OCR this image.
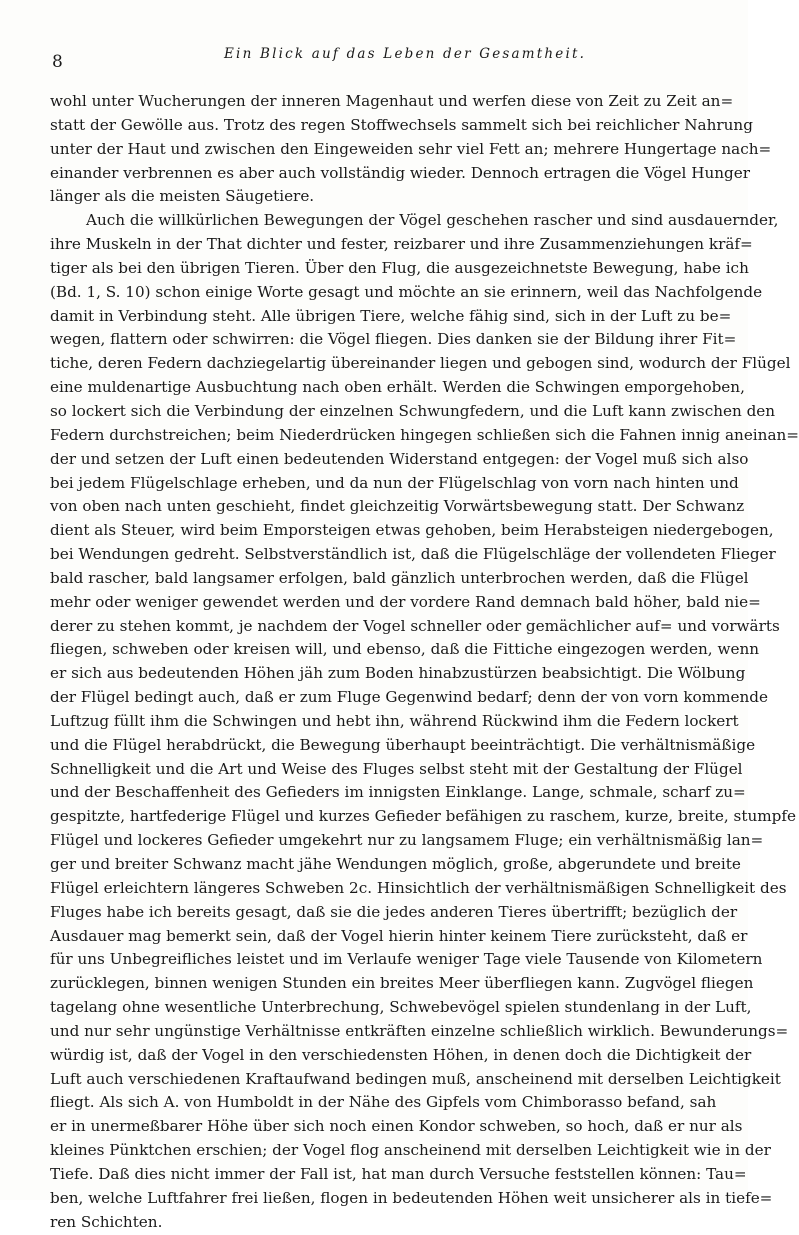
8	Ein Blick auf das Leben der Gesamtheit.
wohl unter Wucherungen der inneren Magenhaut und werfen diese von Zeit zu Zeit an=
statt der Gewölle aus. Trotz des regen Stoffwechsels sammelt sich bei reichlicher Nahrung
unter der Haut und zwischen den Eingeweiden sehr viel Fett an; mehrere Hungertage nach=
einander verbrennen es aber auch vollständig wieder. Dennoch ertragen die Vögel Hunger
länger als die meisten Säugetiere.
Auch die willkürlichen Bewegungen der Vögel geschehen rascher und sind ausdauernder,
ihre Muskeln in der That dichter und fester, reizbarer und ihre Zusammenziehungen kräf=
tiger als bei den übrigen Tieren. Über den Flug, die ausgezeichnetste Bewegung, habe ich
(Bd. 1, S. 10) schon einige Worte gesagt und möchte an sie erinnern, weil das Nachfolgende
damit in Verbindung steht. Alle übrigen Tiere, welche fähig sind, sich in der Luft zu be=
wegen, flattern oder schwirren: die Vögel fliegen. Dies danken sie der Bildung ihrer Fit=
tiche, deren Federn dachziegelartig übereinander liegen und gebogen sind, wodurch der Flügel
eine muldenartige Ausbuchtung nach oben erhält. Werden die Schwingen emporgehoben,
so lockert sich die Verbindung der einzelnen Schwungfedern, und die Luft kann zwischen den
Federn durchstreichen; beim Niederdrücken hingegen schließen sich die Fahnen innig aneinan=
der und setzen der Luft einen bedeutenden Widerstand entgegen: der Vogel muß sich also
bei jedem Flügelschlage erheben, und da nun der Flügelschlag von vorn nach hinten und
von oben nach unten geschieht, findet gleichzeitig Vorwärtsbewegung statt. Der Schwanz
dient als Steuer, wird beim Emporsteigen etwas gehoben, beim Herabsteigen niedergebogen,
bei Wendungen gedreht. Selbstverständlich ist, daß die Flügelschläge der vollendeten Flieger
bald rascher, bald langsamer erfolgen, bald gänzlich unterbrochen werden, daß die Flügel
mehr oder weniger gewendet werden und der vordere Rand demnach bald höher, bald nie=
derer zu stehen kommt, je nachdem der Vogel schneller oder gemächlicher auf= und vorwärts
fliegen, schweben oder kreisen will, und ebenso, daß die Fittiche eingezogen werden, wenn
er sich aus bedeutenden Höhen jäh zum Boden hinabzustürzen beabsichtigt. Die Wölbung
der Flügel bedingt auch, daß er zum Fluge Gegenwind bedarf; denn der von vorn kommende
Luftzug füllt ihm die Schwingen und hebt ihn, während Rückwind ihm die Federn lockert
und die Flügel herabdrückt, die Bewegung überhaupt beeinträchtigt. Die verhältnismäßige
Schnelligkeit und die Art und Weise des Fluges selbst steht mit der Gestaltung der Flügel
und der Beschaffenheit des Gefieders im innigsten Einklange. Lange, schmale, scharf zu=
gespitzte, hartfederige Flügel und kurzes Gefieder befähigen zu raschem, kurze, breite, stumpfe
Flügel und lockeres Gefieder umgekehrt nur zu langsamem Fluge; ein verhältnismäßig lan=
ger und breiter Schwanz macht jähe Wendungen möglich, große, abgerundete und breite
Flügel erleichtern längeres Schweben 2c. Hinsichtlich der verhältnismäßigen Schnelligkeit des
Fluges habe ich bereits gesagt, daß sie die jedes anderen Tieres übertrifft; bezüglich der
Ausdauer mag bemerkt sein, daß der Vogel hierin hinter keinem Tiere zurücksteht, daß er
für uns Unbegreifliches leistet und im Verlaufe weniger Tage viele Tausende von Kilometern
zurücklegen, binnen wenigen Stunden ein breites Meer überfliegen kann. Zugvögel fliegen
tagelang ohne wesentliche Unterbrechung, Schwebevögel spielen stundenlang in der Luft,
und nur sehr ungünstige Verhältnisse entkräften einzelne schließlich wirklich. Bewunderungs=
würdig ist, daß der Vogel in den verschiedensten Höhen, in denen doch die Dichtigkeit der
Luft auch verschiedenen Kraftaufwand bedingen muß, anscheinend mit derselben Leichtigkeit
fliegt. Als sich A. von Humboldt in der Nähe des Gipfels vom Chimborasso befand, sah
er in unermeßbarer Höhe über sich noch einen Kondor schweben, so hoch, daß er nur als
kleines Pünktchen erschien; der Vogel flog anscheinend mit derselben Leichtigkeit wie in der
Tiefe. Daß dies nicht immer der Fall ist, hat man durch Versuche feststellen können: Tau=
ben, welche Luftfahrer frei ließen, flogen in bedeutenden Höhen weit unsicherer als in tiefe=
ren Schichten.
